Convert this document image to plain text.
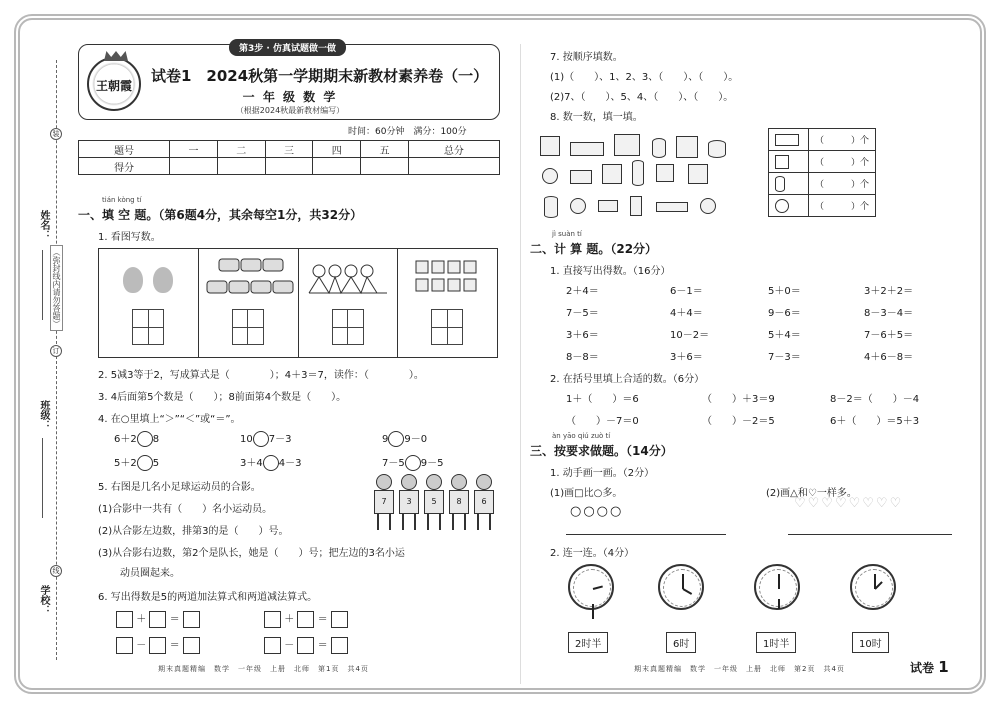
姓名：
班级：
学校：
（弥封线内请勿答题）
装
订
线
第3步 · 仿真试题做一做
王朝霞
试卷1　2024秋第一学期期末新教材素养卷（一）
一 年 级 数 学
（根据2024秋最新教材编写）
时间：60分钟　满分：100分
题号	一	二	三	四	五	总分
得分						
tián kòng tí
一、填 空 题。（第6题4分，其余每空1分，共32分）
1. 看图写数。
2. 5减3等于2，写成算式是（　　　　）；4＋3＝7，读作：（　　　　）。
3. 4后面第5个数是（　　）；8前面第4个数是（　　）。
4. 在○里填上“＞”“＜”或“＝”。
6＋2 8	10 7－3	9 9－0
5＋2 5	3＋4 4－3	7－5 9－5
5. 右图是几名小足球运动员的合影。
(1)合影中一共有（　　）名小运动员。
(2)从合影左边数，排第3的是（　　）号。
(3)从合影右边数，第2个是队长，她是（　　）号；把左边的3名小运
动员圈起来。
7	3	5	8	6
6. 写出得数是5的两道加法算式和两道减法算式。
＋ ＝	＋ ＝
－ ＝	－ ＝
期末真题精编　数学　一年级　上册　北师　第1页　共4页
7. 按顺序填数。
(1)（　　）、1、2、3、（　　）、（　　）。
(2)7、（　　）、5、4、（　　）、（　　）。
8. 数一数，填一填。
	（　　　）个
	（　　　）个
	（　　　）个
	（　　　）个
jì suàn tí
二、计 算 题。（22分）
1. 直接写出得数。（16分）
2＋4＝	6－1＝	5＋0＝	3＋2＋2＝
7－5＝	4＋4＝	9－6＝	8－3－4＝
3＋6＝	10－2＝	5＋4＝	7－6＋5＝
8－8＝	3＋6＝	7－3＝	4＋6－8＝
2. 在括号里填上合适的数。（6分）
1＋（　　）＝6	（　　）＋3＝9	8－2＝（　　）－4
（　　）－7＝0	（　　）－2＝5	6＋（　　）＝5＋3
àn yāo qiú zuò tí
三、按要求做题。（14分）
1. 动手画一画。（2分）
(1)画□比○多。	(2)画△和♡一样多。
○○○○
♡♡♡♡♡♡♡♡
2. 连一连。（4分）
2时半	6时	1时半	10时
期末真题精编　数学　一年级　上册　北师　第2页　共4页	试卷 1
